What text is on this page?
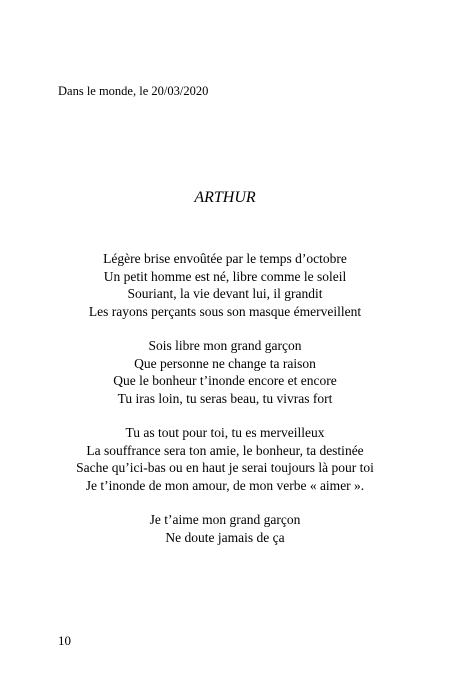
Dans le monde, le 20/03/2020
ARTHUR
Légère brise envoûtée par le temps d’octobre
Un petit homme est né, libre comme le soleil
Souriant, la vie devant lui, il grandit
Les rayons perçants sous son masque émerveillent
Sois libre mon grand garçon
Que personne ne change ta raison
Que le bonheur t’inonde encore et encore
Tu iras loin, tu seras beau, tu vivras fort
Tu as tout pour toi, tu es merveilleux
La souffrance sera ton amie, le bonheur, ta destinée
Sache qu’ici-bas ou en haut je serai toujours là pour toi
Je t’inonde de mon amour, de mon verbe « aimer ».
Je t’aime mon grand garçon
Ne doute jamais de ça
10
